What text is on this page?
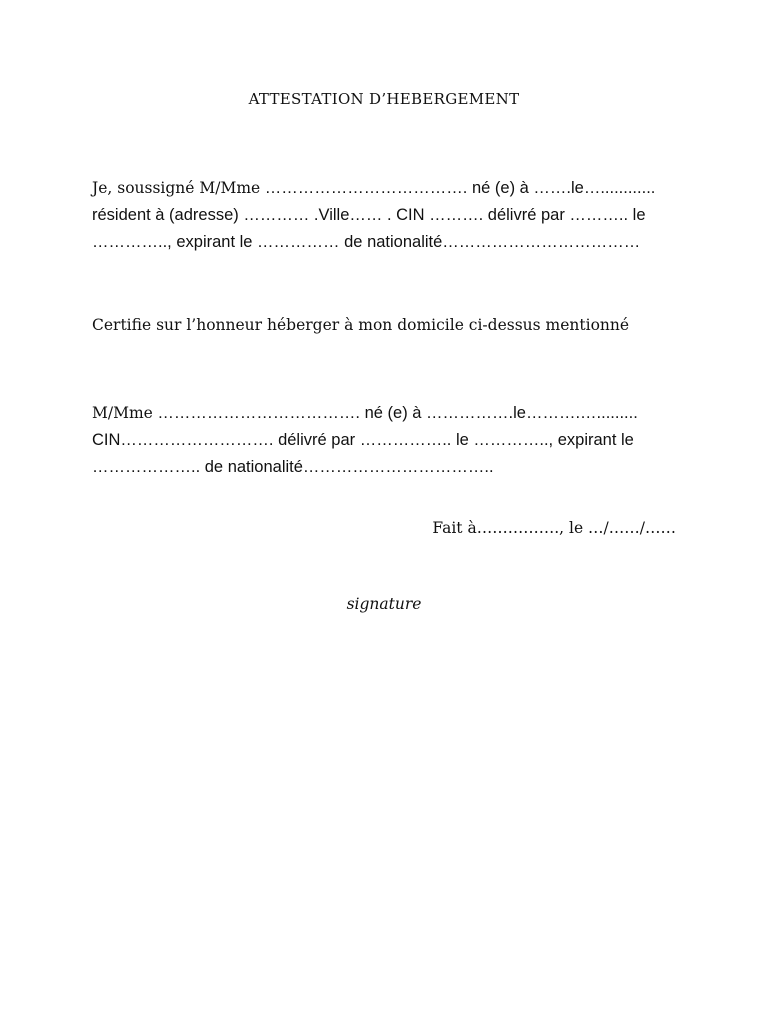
ATTESTATION D’HEBERGEMENT
Je, soussigné M/Mme ………………………………. né (e) à …….le…............
résident à (adresse) ………… .Ville…… . CIN ………. délivré par ……….. le
………….., expirant le …………… de nationalité………………………………
Certifie sur l’honneur héberger à mon domicile ci-dessus mentionné
M/Mme ………………………………. né (e) à …………….le……….….........
CIN………………………. délivré par …………….. le ………….., expirant le
……………….. de nationalité……………………………..
Fait à……………., le …/……/……
signature
